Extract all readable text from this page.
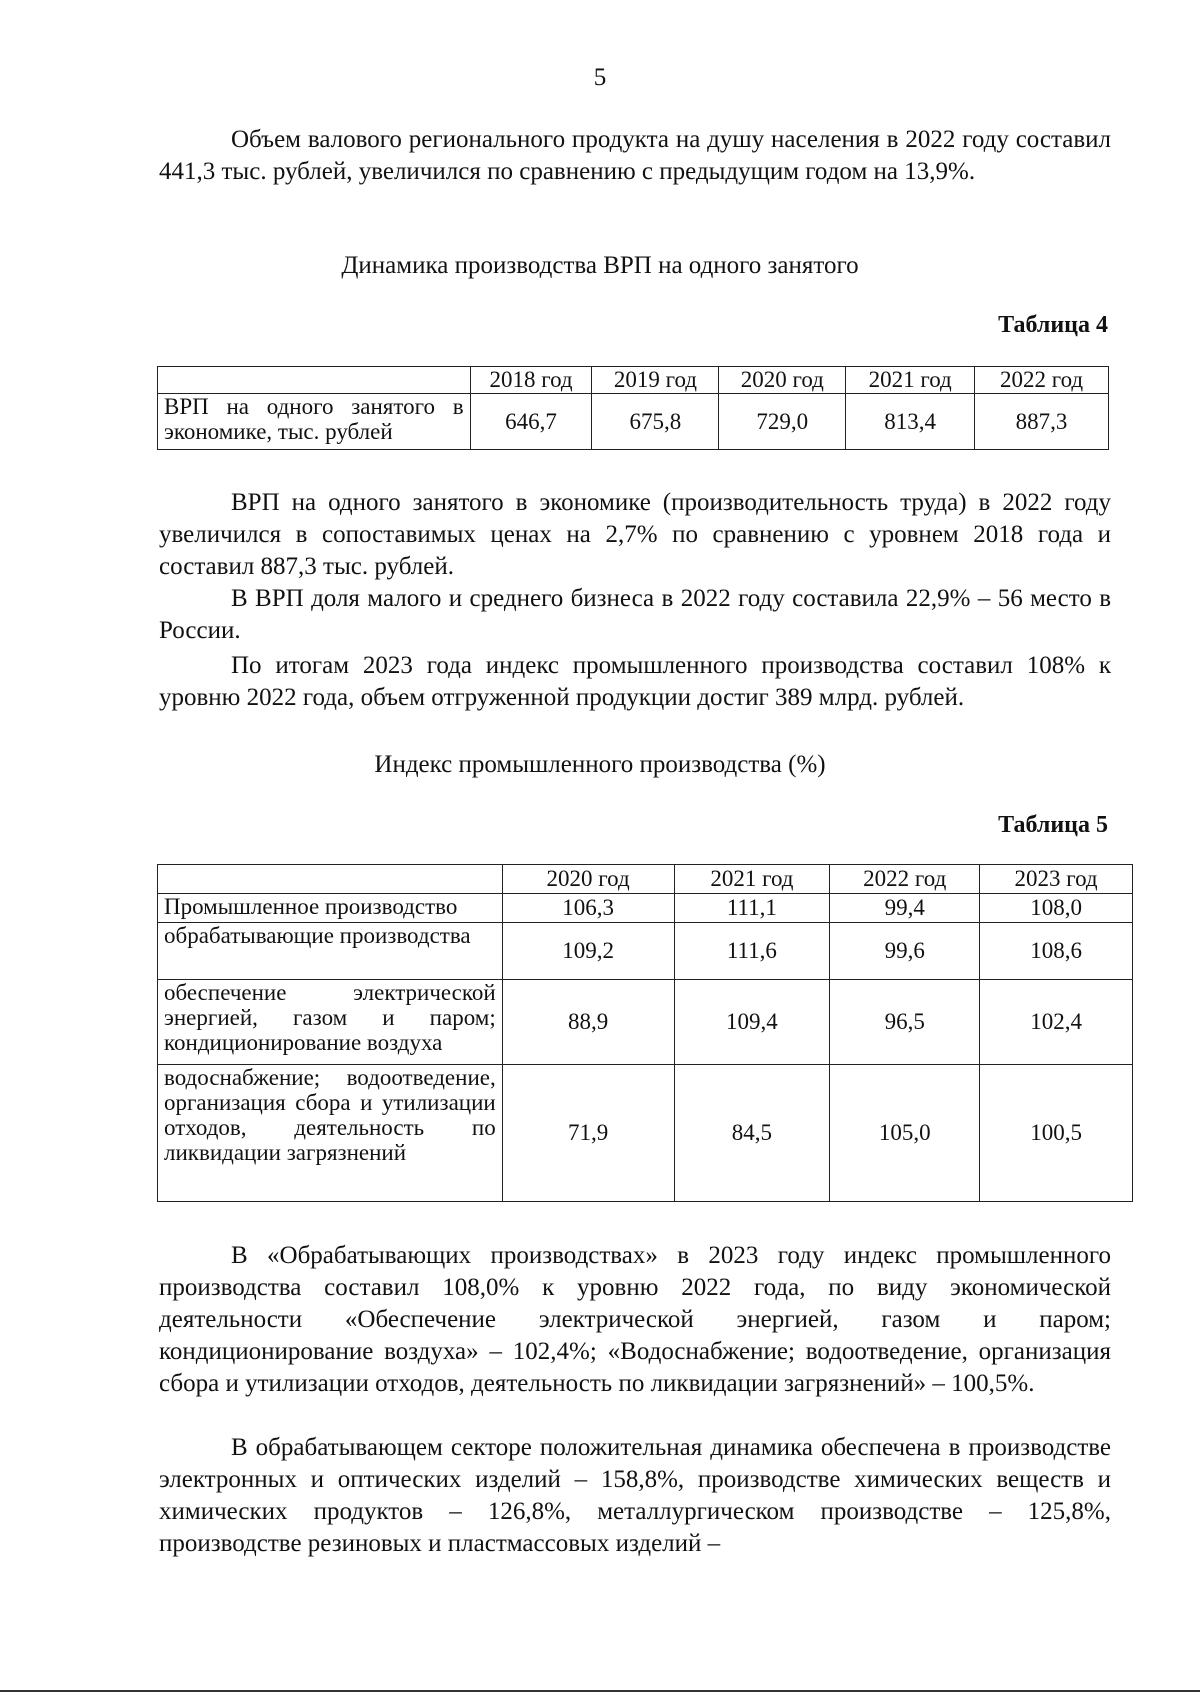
5

Объем валового регионального продукта на душу населения в 2022 году составил 441,3 тыс. рублей, увеличился по сравнению с предыдущим годом на 13,9%.

Динамика производства ВРП на одного занятого
Таблица 4
	2018 год	2019 год	2020 год	2021 год	2022 год
ВРП на одного занятого в экономике, тыс. рублей	646,7	675,8	729,0	813,4	887,3

ВРП на одного занятого в экономике (производительность труда) в 2022 году увеличился в сопоставимых ценах на 2,7% по сравнению с уровнем 2018 года и составил 887,3 тыс. рублей.

В ВРП доля малого и среднего бизнеса в 2022 году составила 22,9% – 56 место в России.

По итогам 2023 года индекс промышленного производства составил 108% к уровню 2022 года, объем отгруженной продукции достиг 389 млрд. рублей.

Индекс промышленного производства (%)
Таблица 5
	2020 год	2021 год	2022 год	2023 год
Промышленное производство	106,3	111,1	99,4	108,0
обрабатывающие производства	109,2	111,6	99,6	108,6
обеспечение электрической энергией, газом и паром; кондиционирование воздуха	88,9	109,4	96,5	102,4
водоснабжение; водоотведение, организация сбора и утилизации отходов, деятельность по ликвидации загрязнений	71,9	84,5	105,0	100,5

В «Обрабатывающих производствах» в 2023 году индекс промышленного производства составил 108,0% к уровню 2022 года, по виду экономической деятельности «Обеспечение электрической энергией, газом и паром; кондиционирование воздуха» – 102,4%; «Водоснабжение; водоотведение, организация сбора и утилизации отходов, деятельность по ликвидации загрязнений» – 100,5%.

В обрабатывающем секторе положительная динамика обеспечена в производстве электронных и оптических изделий – 158,8%, производстве химических веществ и химических продуктов – 126,8%, металлургическом производстве – 125,8%, производстве резиновых и пластмассовых изделий –
